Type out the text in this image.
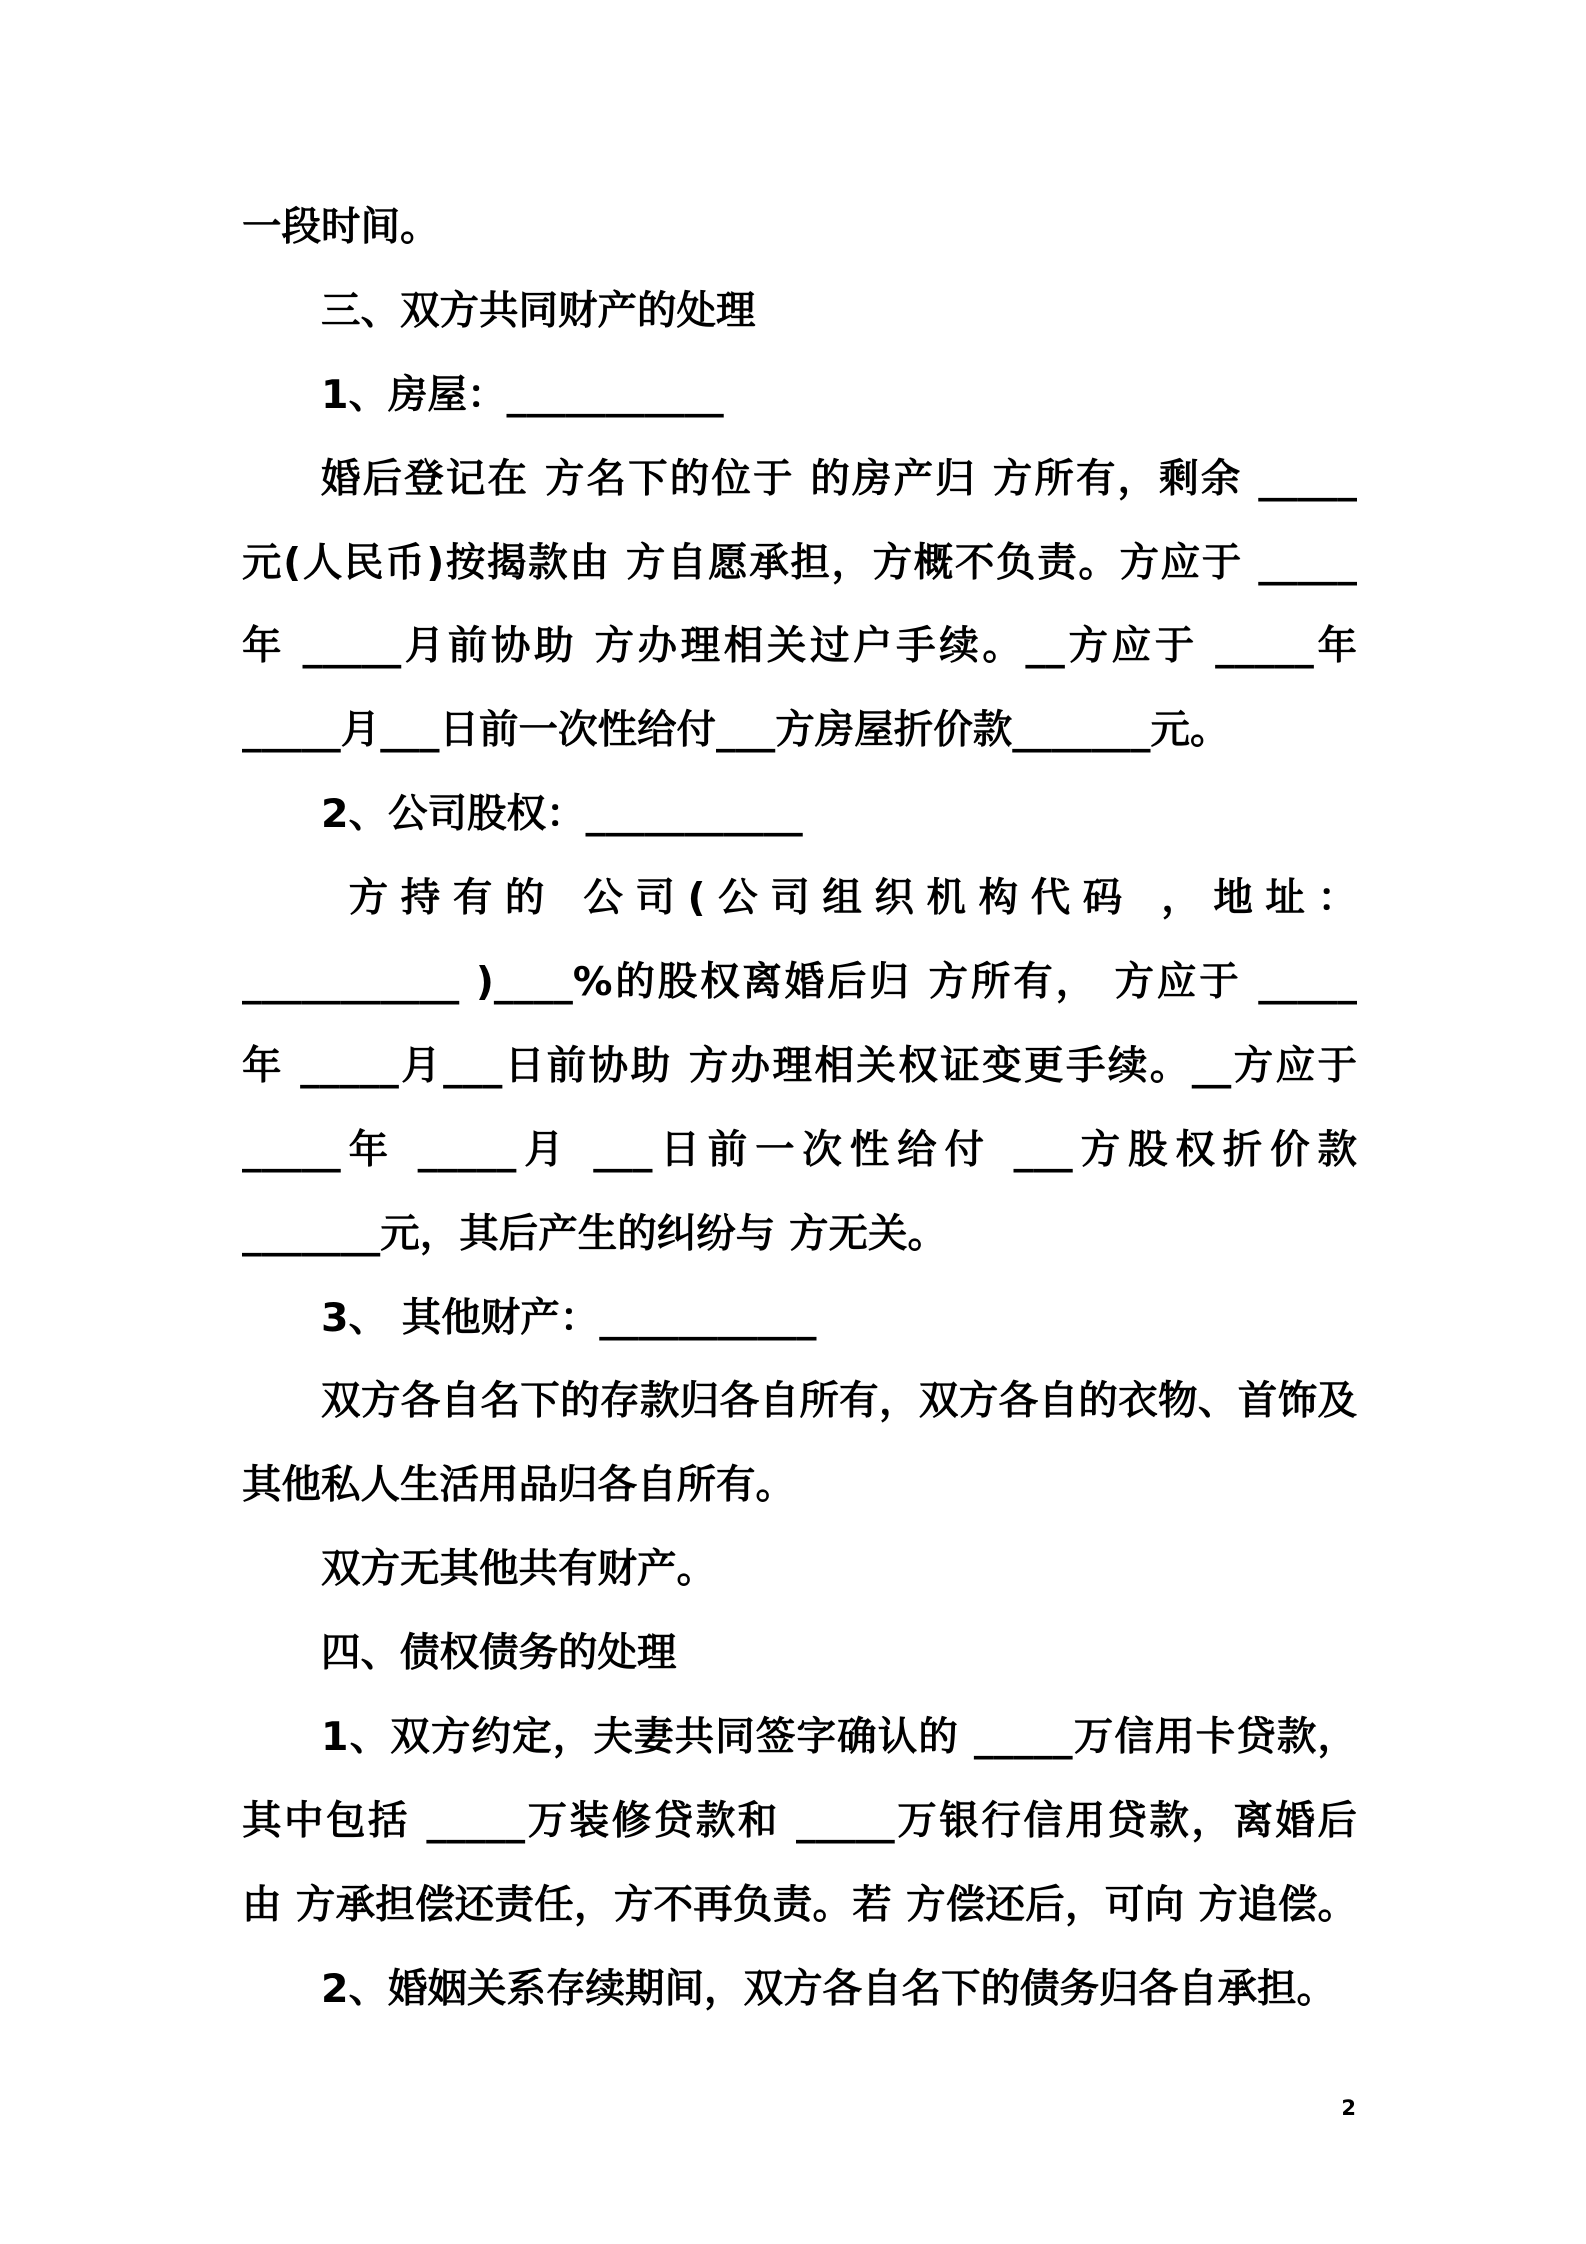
一段时间。
三、双方共同财产的处理
1、房屋：___________
婚后登记在 方名下的位于 的房产归 方所有，剩余 _____
元(人民币)按揭款由 方自愿承担，方概不负责。方应于 _____
年 _____月前协助 方办理相关过户手续。__方应于 _____年
_____月___日前一次性给付___方房屋折价款_______元。
2、公司股权：___________
方持有的 公司(公司组织机构代码 ，地址：
___________ )____%的股权离婚后归 方所有， 方应于 _____
年 _____月___日前协助 方办理相关权证变更手续。__方应于
_____年 _____月 ___日前一次性给付 ___方股权折价款
_______元，其后产生的纠纷与 方无关。
3、 其他财产：___________
双方各自名下的存款归各自所有，双方各自的衣物、首饰及
其他私人生活用品归各自所有。
双方无其他共有财产。
四、债权债务的处理
1、双方约定，夫妻共同签字确认的 _____万信用卡贷款，
其中包括 _____万装修贷款和 _____万银行信用贷款，离婚后
由 方承担偿还责任，方不再负责。若 方偿还后，可向 方追偿。
2、婚姻关系存续期间，双方各自名下的债务归各自承担。
2
